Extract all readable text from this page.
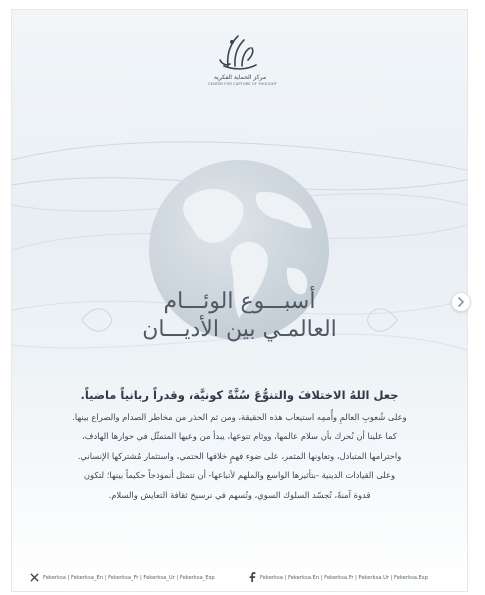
مركز الحماية الفكرية
CENTER FOR CAPTURE OF THOUGHT
أسبـــوع الوئـــام
العالمـي بين الأديـــان
جعل اللهُ الاختلافَ والتنوُّعَ سُنَّةً كونيَّة، وقدراً ربانياً ماضياً.
وعلى شُعوبِ العالمِ وأُممِه استيعاب هذه الحقيقة، ومن ثم الحذر من مخاطر الصدام والصراع بينها.
كما علينا أن نُحرك بأن سلام عالمها، ووئام تنوعها، يبدأ من وعيها المتمثّل في حوارها الهادف،
واحترامها المتبادل، وتعاونها المثمر، على ضوء فهمٍ خلافها الحتمي، واستثمار مُشتركها الإنساني.
وعلى القيادات الدينية -بتأثيرها الواسع والملهم لأتباعها- أن تتمثل أنموذجاً حكيماً بينها؛ لتكون
قدوة آمنةً، تُجسّد السلوك السوي، وتُسهم في ترسيخ ثقافة التعايش والسلام.
Fekerksa | Fekerksa_En | Fekerksa_Fr | Fekerksa_Ur | Fekerksa_Esp	Fekerksa | Fekerksa.En | Fekerksa.Fr | Fekerksa.Ur | Fekerksa.Esp
